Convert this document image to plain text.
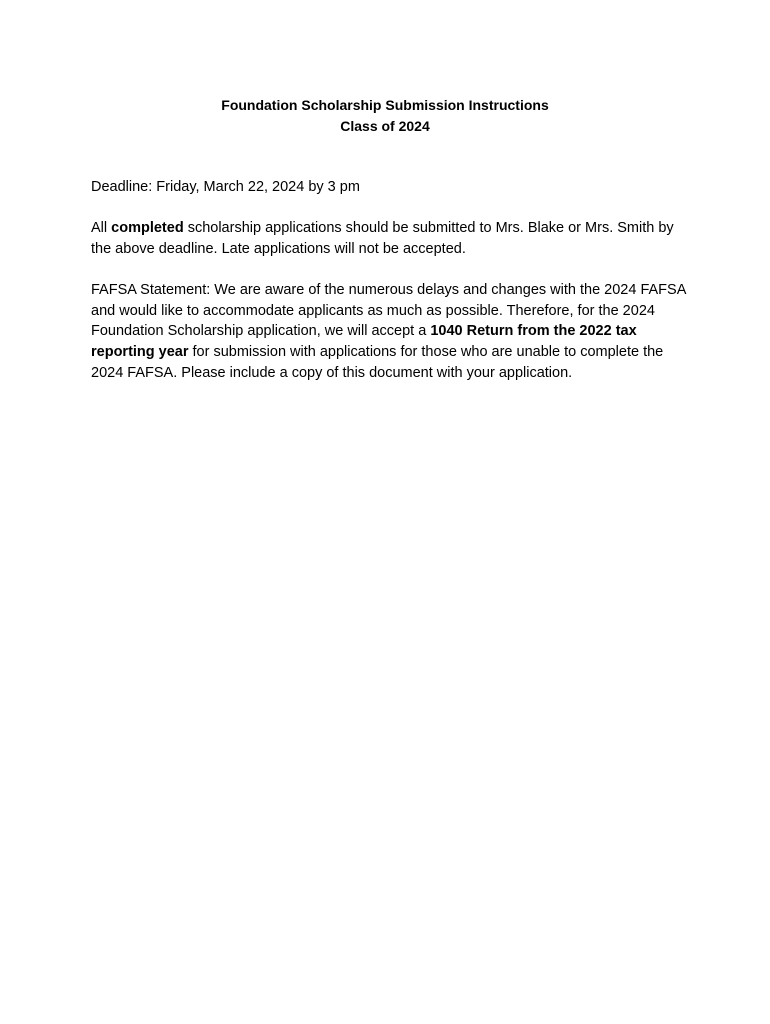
Foundation Scholarship Submission Instructions
Class of 2024

Deadline: Friday, March 22, 2024 by 3 pm

All completed scholarship applications should be submitted to Mrs. Blake or Mrs. Smith by the above deadline. Late applications will not be accepted.

FAFSA Statement: We are aware of the numerous delays and changes with the 2024 FAFSA and would like to accommodate applicants as much as possible. Therefore, for the 2024 Foundation Scholarship application, we will accept a 1040 Return from the 2022 tax reporting year for submission with applications for those who are unable to complete the 2024 FAFSA. Please include a copy of this document with your application.
